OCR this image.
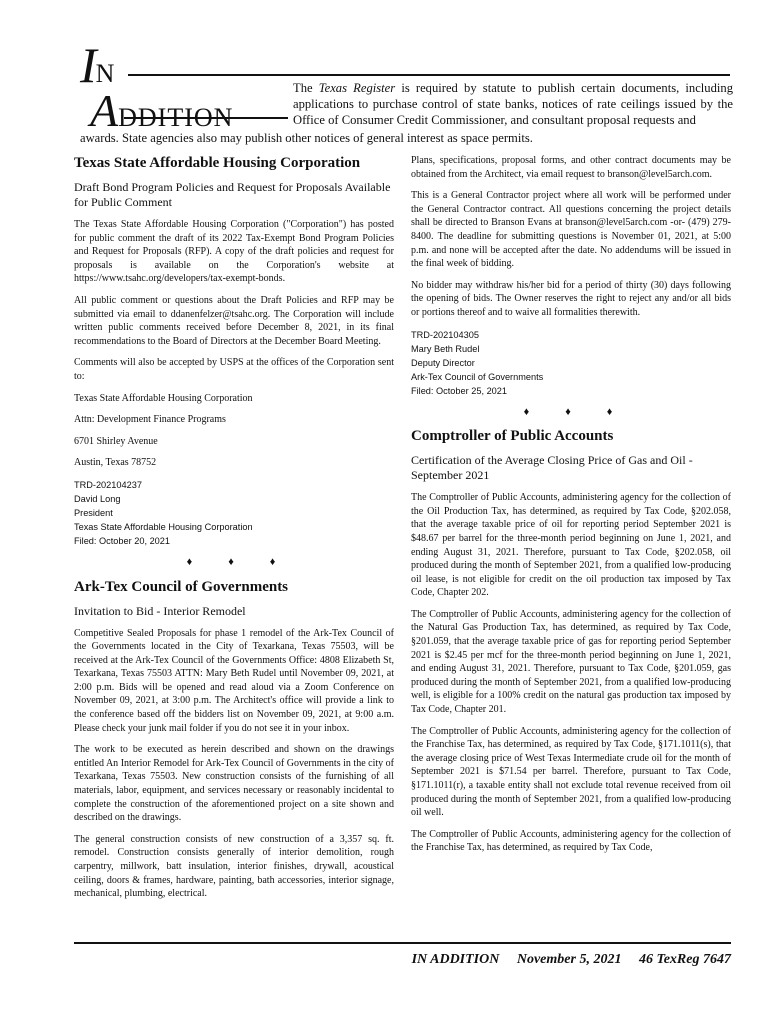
IN
ADDITION
The Texas Register is required by statute to publish certain documents, including applications to purchase control of state banks, notices of rate ceilings issued by the Office of Consumer Credit Commissioner, and consultant proposal requests and
awards. State agencies also may publish other notices of general interest as space permits.
Texas State Affordable Housing Corporation
Draft Bond Program Policies and Request for Proposals Available for Public Comment

The Texas State Affordable Housing Corporation ("Corporation") has posted for public comment the draft of its 2022 Tax-Exempt Bond Program Policies and Request for Proposals (RFP). A copy of the draft policies and request for proposals is available on the Corporation's website at https://www.tsahc.org/developers/tax-exempt-bonds.

All public comment or questions about the Draft Policies and RFP may be submitted via email to ddanenfelzer@tsahc.org. The Corporation will include written public comments received before December 8, 2021, in its final recommendations to the Board of Directors at the December Board Meeting.

Comments will also be accepted by USPS at the offices of the Corporation sent to:

Texas State Affordable Housing Corporation
Attn: Development Finance Programs
6701 Shirley Avenue
Austin, Texas 78752
TRD-202104237
David Long
President
Texas State Affordable Housing Corporation
Filed: October 20, 2021
♦♦♦
Ark-Tex Council of Governments
Invitation to Bid - Interior Remodel

Competitive Sealed Proposals for phase 1 remodel of the Ark-Tex Council of the Governments located in the City of Texarkana, Texas 75503, will be received at the Ark-Tex Council of the Governments Office: 4808 Elizabeth St, Texarkana, Texas 75503 ATTN: Mary Beth Rudel until November 09, 2021, at 2:00 p.m. Bids will be opened and read aloud via a Zoom Conference on November 09, 2021, at 3:00 p.m. The Architect's office will provide a link to the conference based off the bidders list on November 09, 2021, at 9:00 a.m. Please check your junk mail folder if you do not see it in your inbox.

The work to be executed as herein described and shown on the drawings entitled An Interior Remodel for Ark-Tex Council of Governments in the city of Texarkana, Texas 75503. New construction consists of the furnishing of all materials, labor, equipment, and services necessary or reasonably incidental to complete the construction of the aforementioned project on a site shown and described on the drawings.

The general construction consists of new construction of a 3,357 sq. ft. remodel. Construction consists generally of interior demolition, rough carpentry, millwork, batt insulation, interior finishes, drywall, acoustical ceiling, doors & frames, hardware, painting, bath accessories, interior signage, mechanical, plumbing, electrical.

Plans, specifications, proposal forms, and other contract documents may be obtained from the Architect, via email request to branson@level5arch.com.

This is a General Contractor project where all work will be performed under the General Contractor contract. All questions concerning the project details shall be directed to Branson Evans at branson@level5arch.com -or- (479) 279-8400. The deadline for submitting questions is November 01, 2021, at 5:00 p.m. and none will be accepted after the date. No addendums will be issued in the final week of bidding.

No bidder may withdraw his/her bid for a period of thirty (30) days following the opening of bids. The Owner reserves the right to reject any and/or all bids or portions thereof and to waive all formalities therewith.

TRD-202104305
Mary Beth Rudel
Deputy Director
Ark-Tex Council of Governments
Filed: October 25, 2021
♦♦♦
Comptroller of Public Accounts
Certification of the Average Closing Price of Gas and Oil - September 2021

The Comptroller of Public Accounts, administering agency for the collection of the Oil Production Tax, has determined, as required by Tax Code, §202.058, that the average taxable price of oil for reporting period September 2021 is $48.67 per barrel for the three-month period beginning on June 1, 2021, and ending August 31, 2021. Therefore, pursuant to Tax Code, §202.058, oil produced during the month of September 2021, from a qualified low-producing oil lease, is not eligible for credit on the oil production tax imposed by Tax Code, Chapter 202.

The Comptroller of Public Accounts, administering agency for the collection of the Natural Gas Production Tax, has determined, as required by Tax Code, §201.059, that the average taxable price of gas for reporting period September 2021 is $2.45 per mcf for the three-month period beginning on June 1, 2021, and ending August 31, 2021. Therefore, pursuant to Tax Code, §201.059, gas produced during the month of September 2021, from a qualified low-producing well, is eligible for a 100% credit on the natural gas production tax imposed by Tax Code, Chapter 201.

The Comptroller of Public Accounts, administering agency for the collection of the Franchise Tax, has determined, as required by Tax Code, §171.1011(s), that the average closing price of West Texas Intermediate crude oil for the month of September 2021 is $71.54 per barrel. Therefore, pursuant to Tax Code, §171.1011(r), a taxable entity shall not exclude total revenue received from oil produced during the month of September 2021, from a qualified low-producing oil well.

The Comptroller of Public Accounts, administering agency for the collection of the Franchise Tax, has determined, as required by Tax Code,

IN ADDITION November 5, 2021 46 TexReg 7647
